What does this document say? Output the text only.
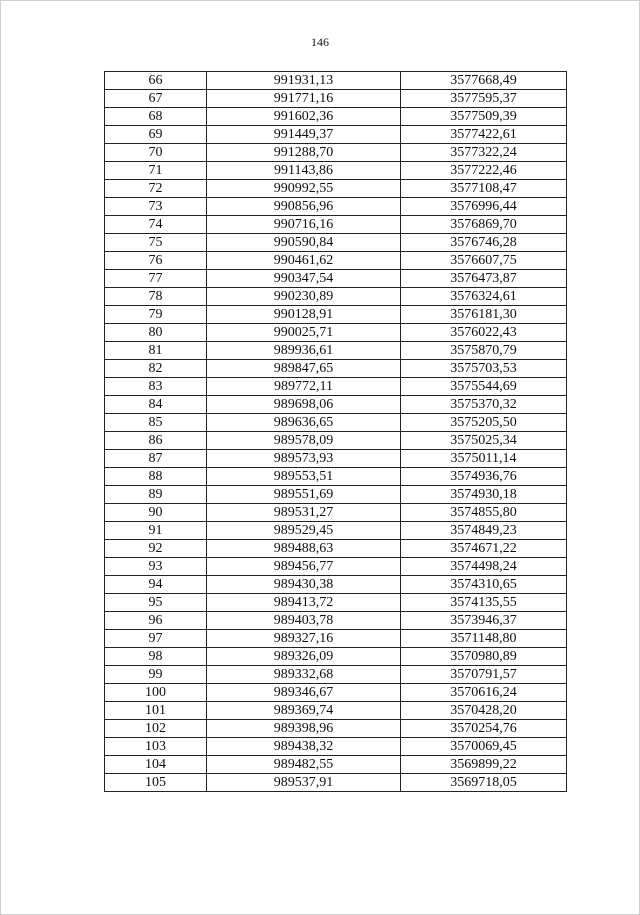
146
66	991931,13	3577668,49
67	991771,16	3577595,37
68	991602,36	3577509,39
69	991449,37	3577422,61
70	991288,70	3577322,24
71	991143,86	3577222,46
72	990992,55	3577108,47
73	990856,96	3576996,44
74	990716,16	3576869,70
75	990590,84	3576746,28
76	990461,62	3576607,75
77	990347,54	3576473,87
78	990230,89	3576324,61
79	990128,91	3576181,30
80	990025,71	3576022,43
81	989936,61	3575870,79
82	989847,65	3575703,53
83	989772,11	3575544,69
84	989698,06	3575370,32
85	989636,65	3575205,50
86	989578,09	3575025,34
87	989573,93	3575011,14
88	989553,51	3574936,76
89	989551,69	3574930,18
90	989531,27	3574855,80
91	989529,45	3574849,23
92	989488,63	3574671,22
93	989456,77	3574498,24
94	989430,38	3574310,65
95	989413,72	3574135,55
96	989403,78	3573946,37
97	989327,16	3571148,80
98	989326,09	3570980,89
99	989332,68	3570791,57
100	989346,67	3570616,24
101	989369,74	3570428,20
102	989398,96	3570254,76
103	989438,32	3570069,45
104	989482,55	3569899,22
105	989537,91	3569718,05
